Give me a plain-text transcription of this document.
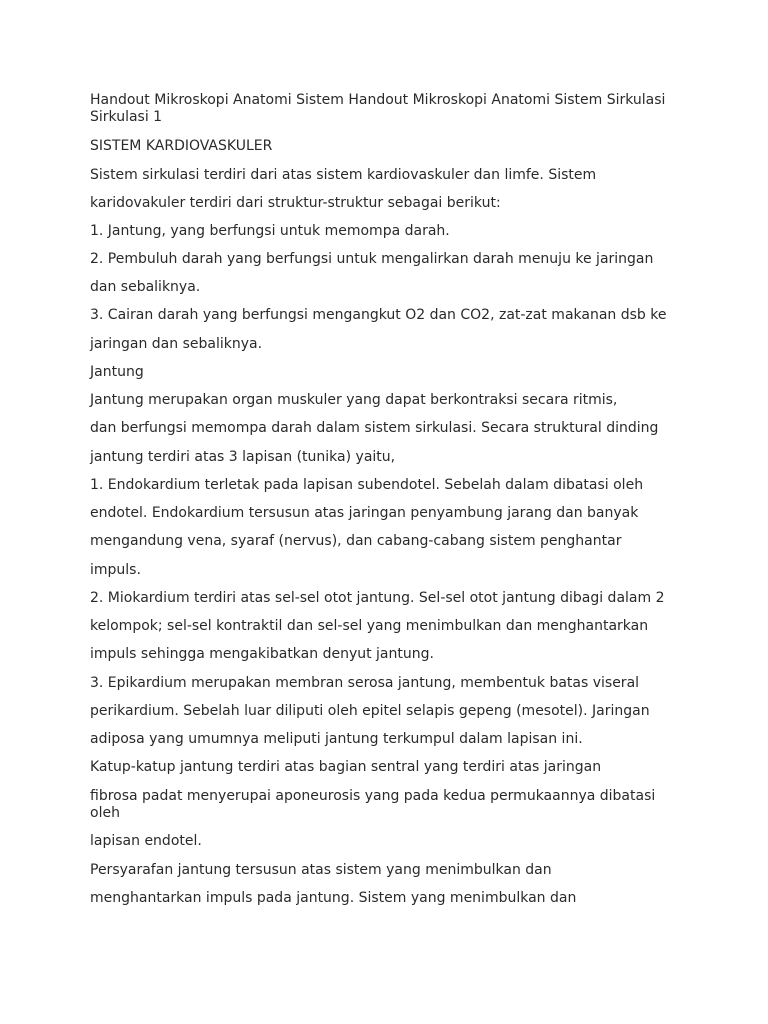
Handout Mikroskopi Anatomi Sistem Handout Mikroskopi Anatomi Sistem Sirkulasi Sirkulasi 1
SISTEM KARDIOVASKULER
Sistem sirkulasi terdiri dari atas sistem kardiovaskuler dan limfe. Sistem
karidovakuler terdiri dari struktur-struktur sebagai berikut:
1. Jantung, yang berfungsi untuk memompa darah.
2. Pembuluh darah yang berfungsi untuk mengalirkan darah menuju ke jaringan
dan sebaliknya.
3. Cairan darah yang berfungsi mengangkut O2 dan CO2, zat-zat makanan dsb ke
jaringan dan sebaliknya.
Jantung
Jantung merupakan organ muskuler yang dapat berkontraksi secara ritmis,
dan berfungsi memompa darah dalam sistem sirkulasi. Secara struktural dinding
jantung terdiri atas 3 lapisan (tunika) yaitu,
1. Endokardium terletak pada lapisan subendotel. Sebelah dalam dibatasi oleh
endotel. Endokardium tersusun atas jaringan penyambung jarang dan banyak
mengandung vena, syaraf (nervus), dan cabang-cabang sistem penghantar
impuls.
2. Miokardium terdiri atas sel-sel otot jantung. Sel-sel otot jantung dibagi dalam 2
kelompok; sel-sel kontraktil dan sel-sel yang menimbulkan dan menghantarkan
impuls sehingga mengakibatkan denyut jantung.
3. Epikardium merupakan membran serosa jantung, membentuk batas viseral
perikardium. Sebelah luar diliputi oleh epitel selapis gepeng (mesotel). Jaringan
adiposa yang umumnya meliputi jantung terkumpul dalam lapisan ini.
Katup-katup jantung terdiri atas bagian sentral yang terdiri atas jaringan
fibrosa padat menyerupai aponeurosis yang pada kedua permukaannya dibatasi
oleh
lapisan endotel.
Persyarafan jantung tersusun atas sistem yang menimbulkan dan
menghantarkan impuls pada jantung. Sistem yang menimbulkan dan
